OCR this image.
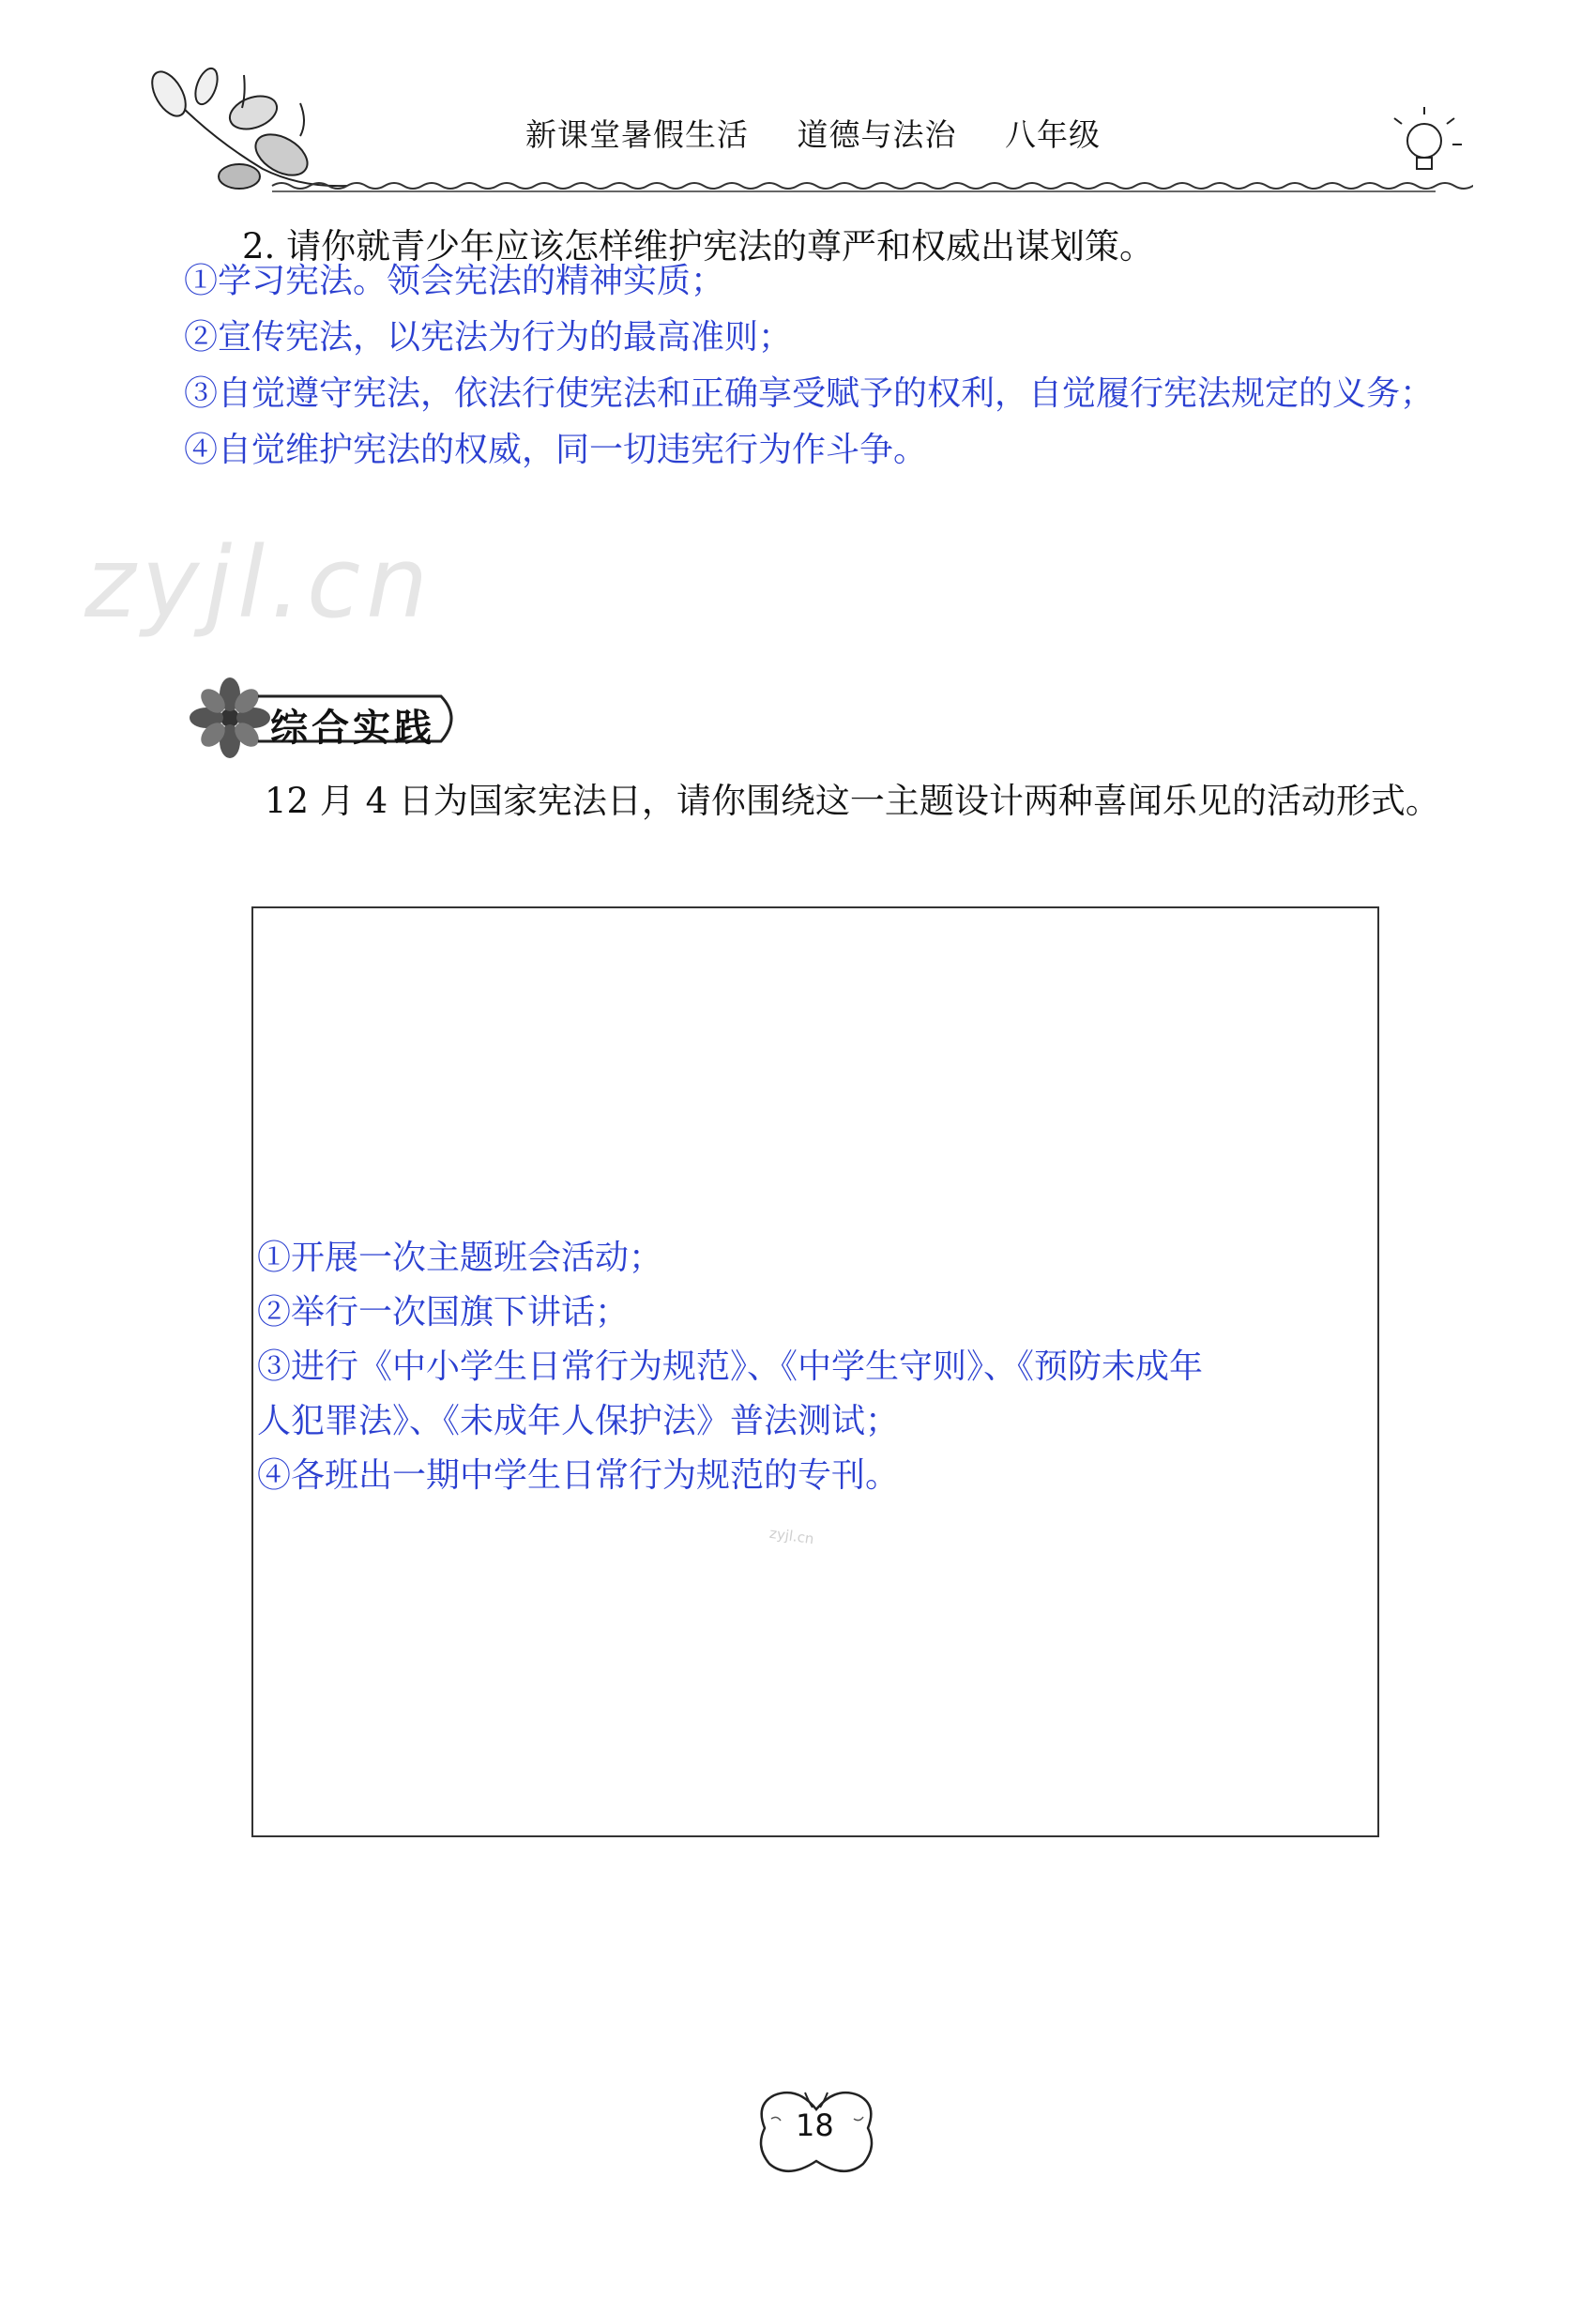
新课堂暑假生活 道德与法治 八年级
2. 请你就青少年应该怎样维护宪法的尊严和权威出谋划策。
①学习宪法。领会宪法的精神实质；
②宣传宪法，以宪法为行为的最高准则；
③自觉遵守宪法，依法行使宪法和正确享受赋予的权利，自觉履行宪法规定的义务；
④自觉维护宪法的权威，同一切违宪行为作斗争。
zyjl.cn
综合实践
12 月 4 日为国家宪法日，请你围绕这一主题设计两种喜闻乐见的活动形式。
①开展一次主题班会活动；
②举行一次国旗下讲话；
③进行《中小学生日常行为规范》、《中学生守则》、《预防未成年
人犯罪法》、《未成年人保护法》普法测试；
④各班出一期中学生日常行为规范的专刊。
zyjl.cn
18
